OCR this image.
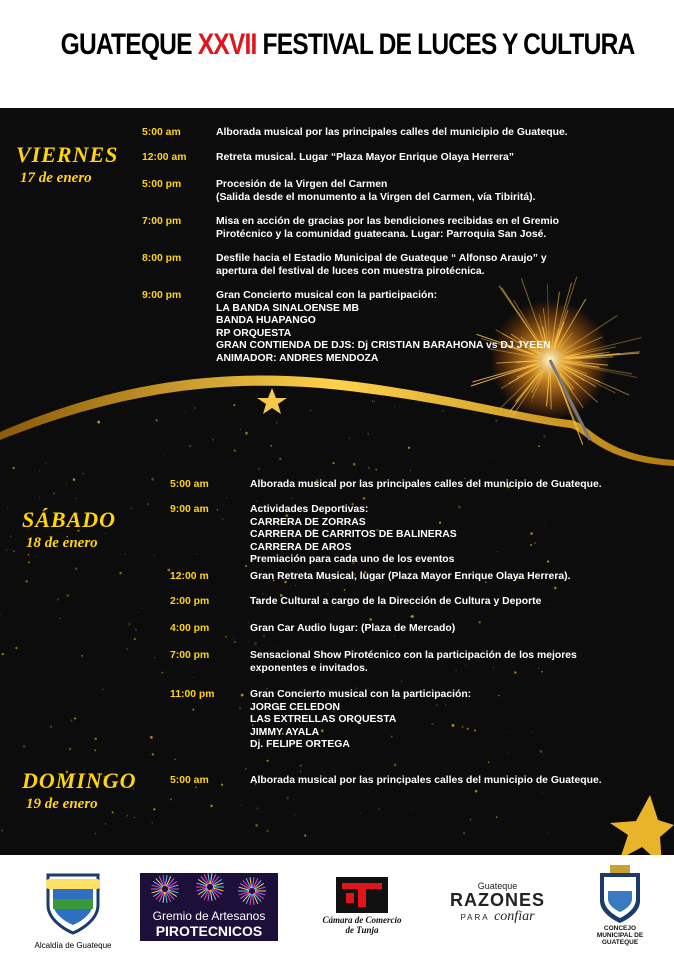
GUATEQUE XXVII FESTIVAL DE LUCES Y CULTURA
VIERNES
17 de enero
SÁBADO
18 de enero
DOMINGO
19 de enero
5:00 am	Alborada musical por las principales calles del municipio de Guateque.
12:00 am	Retreta musical. Lugar “Plaza Mayor Enrique Olaya Herrera”
5:00 pm	Procesión de la Virgen del Carmen
(Salida desde el monumento a la Virgen del Carmen, vía Tibiritá).
7:00 pm	Misa en acción de gracias por las bendiciones recibidas en el Gremio
Pirotécnico y la comunidad guatecana. Lugar: Parroquia San José.
8:00 pm	Desfile hacia el Estadio Municipal de Guateque “ Alfonso Araujo” y
apertura del festival de luces con muestra pirotécnica.
9:00 pm	Gran Concierto musical con la participación:
LA BANDA SINALOENSE MB
BANDA HUAPANGO
RP ORQUESTA
GRAN CONTIENDA DE DJS: Dj CRISTIAN BARAHONA vs DJ JYEEN
ANIMADOR: ANDRES MENDOZA
5:00 am	Alborada musical por las principales calles del municipio de Guateque.
9:00 am	Actividades Deportivas:
CARRERA DE ZORRAS
CARRERA DE CARRITOS DE BALINERAS
CARRERA DE AROS
Premiación para cada uno de los eventos
12:00 m	Gran Retreta Musical, lugar (Plaza Mayor Enrique Olaya Herrera).
2:00 pm	Tarde Cultural a cargo de la Dirección de Cultura y Deporte
4:00 pm	Gran Car Audio lugar: (Plaza de Mercado)
7:00 pm	Sensacional Show Pirotécnico con la participación de los mejores
exponentes e invitados.
11:00 pm	Gran Concierto musical con la participación:
JORGE CELEDON
LAS EXTRELLAS ORQUESTA
JIMMY AYALA
Dj. FELIPE ORTEGA
5:00 am	Alborada musical por las principales calles del municipio de Guateque.
Alcaldía de Guateque
Gremio de Artesanos
PIROTECNICOS
Cámara de Comercio
de Tunja
Guateque
RAZONES
PARA confiar
CONCEJO
MUNICIPAL DE
GUATEQUE
